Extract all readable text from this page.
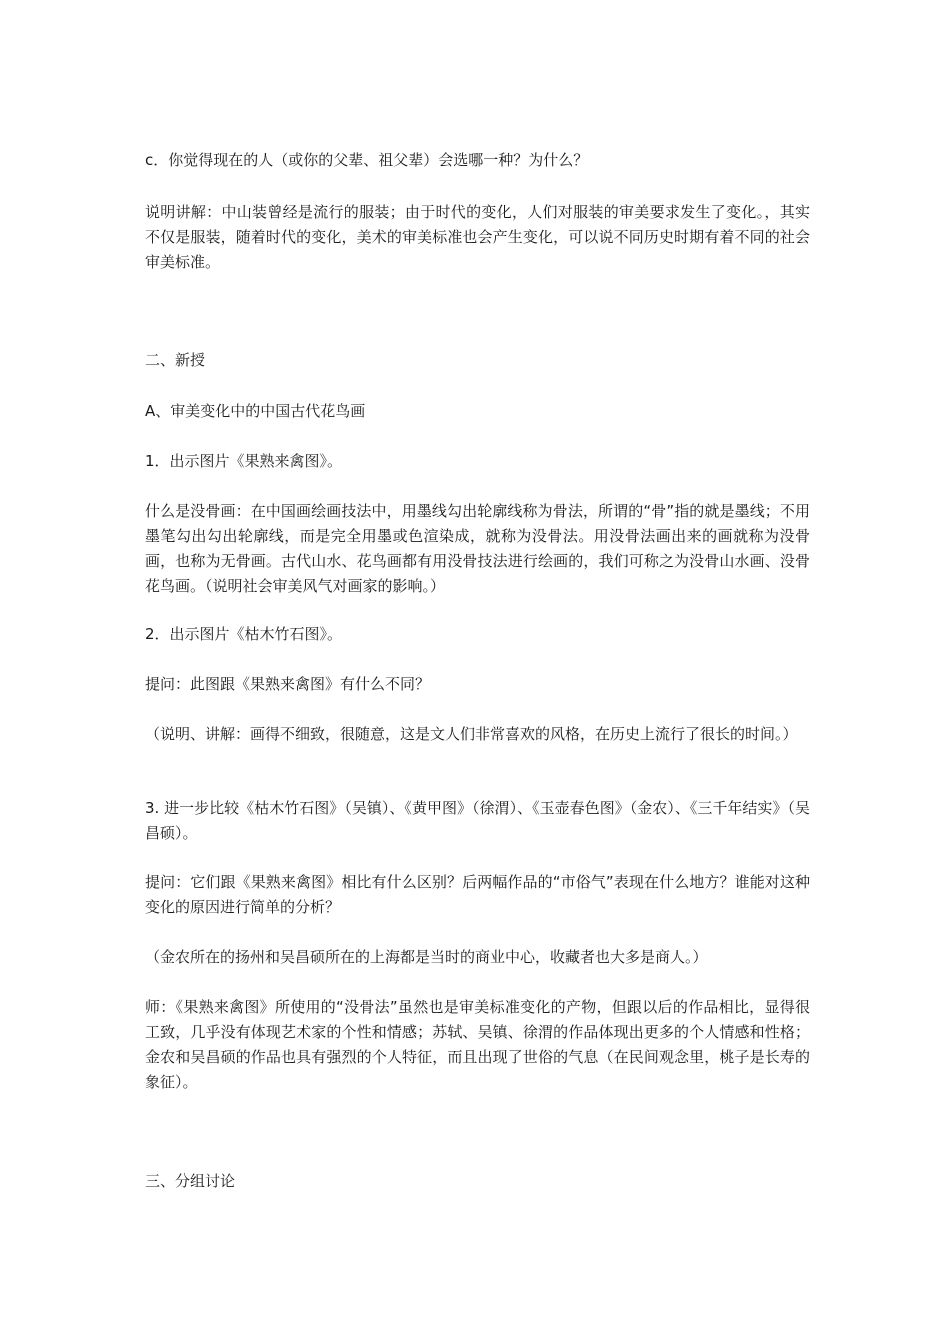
c．你觉得现在的人（或你的父辈、祖父辈）会选哪一种？为什么？

说明讲解：中山装曾经是流行的服装；由于时代的变化，人们对服装的审美要求发生了变化。，其实不仅是服装，随着时代的变化，美术的审美标准也会产生变化，可以说不同历史时期有着不同的社会审美标准。

二、新授

A、审美变化中的中国古代花鸟画

1．出示图片《果熟来禽图》。

什么是没骨画：在中国画绘画技法中，用墨线勾出轮廓线称为骨法，所谓的“骨”指的就是墨线；不用墨笔勾出勾出轮廓线，而是完全用墨或色渲染成，就称为没骨法。用没骨法画出来的画就称为没骨画，也称为无骨画。古代山水、花鸟画都有用没骨技法进行绘画的，我们可称之为没骨山水画、没骨花鸟画。（说明社会审美风气对画家的影响。）

2．出示图片《枯木竹石图》。

提问：此图跟《果熟来禽图》有什么不同？

（说明、讲解：画得不细致，很随意，这是文人们非常喜欢的风格，在历史上流行了很长的时间。）

3. 进一步比较《枯木竹石图》（吴镇）、《黄甲图》（徐渭）、《玉壶春色图》（金农）、《三千年结实》（吴昌硕）。

提问：它们跟《果熟来禽图》相比有什么区别？后两幅作品的“市俗气”表现在什么地方？谁能对这种变化的原因进行简单的分析？

（金农所在的扬州和吴昌硕所在的上海都是当时的商业中心，收藏者也大多是商人。）

师：《果熟来禽图》所使用的“没骨法”虽然也是审美标准变化的产物，但跟以后的作品相比，显得很工致，几乎没有体现艺术家的个性和情感；苏轼、吴镇、徐渭的作品体现出更多的个人情感和性格；金农和吴昌硕的作品也具有强烈的个人特征，而且出现了世俗的气息（在民间观念里，桃子是长寿的象征）。

三、分组讨论
